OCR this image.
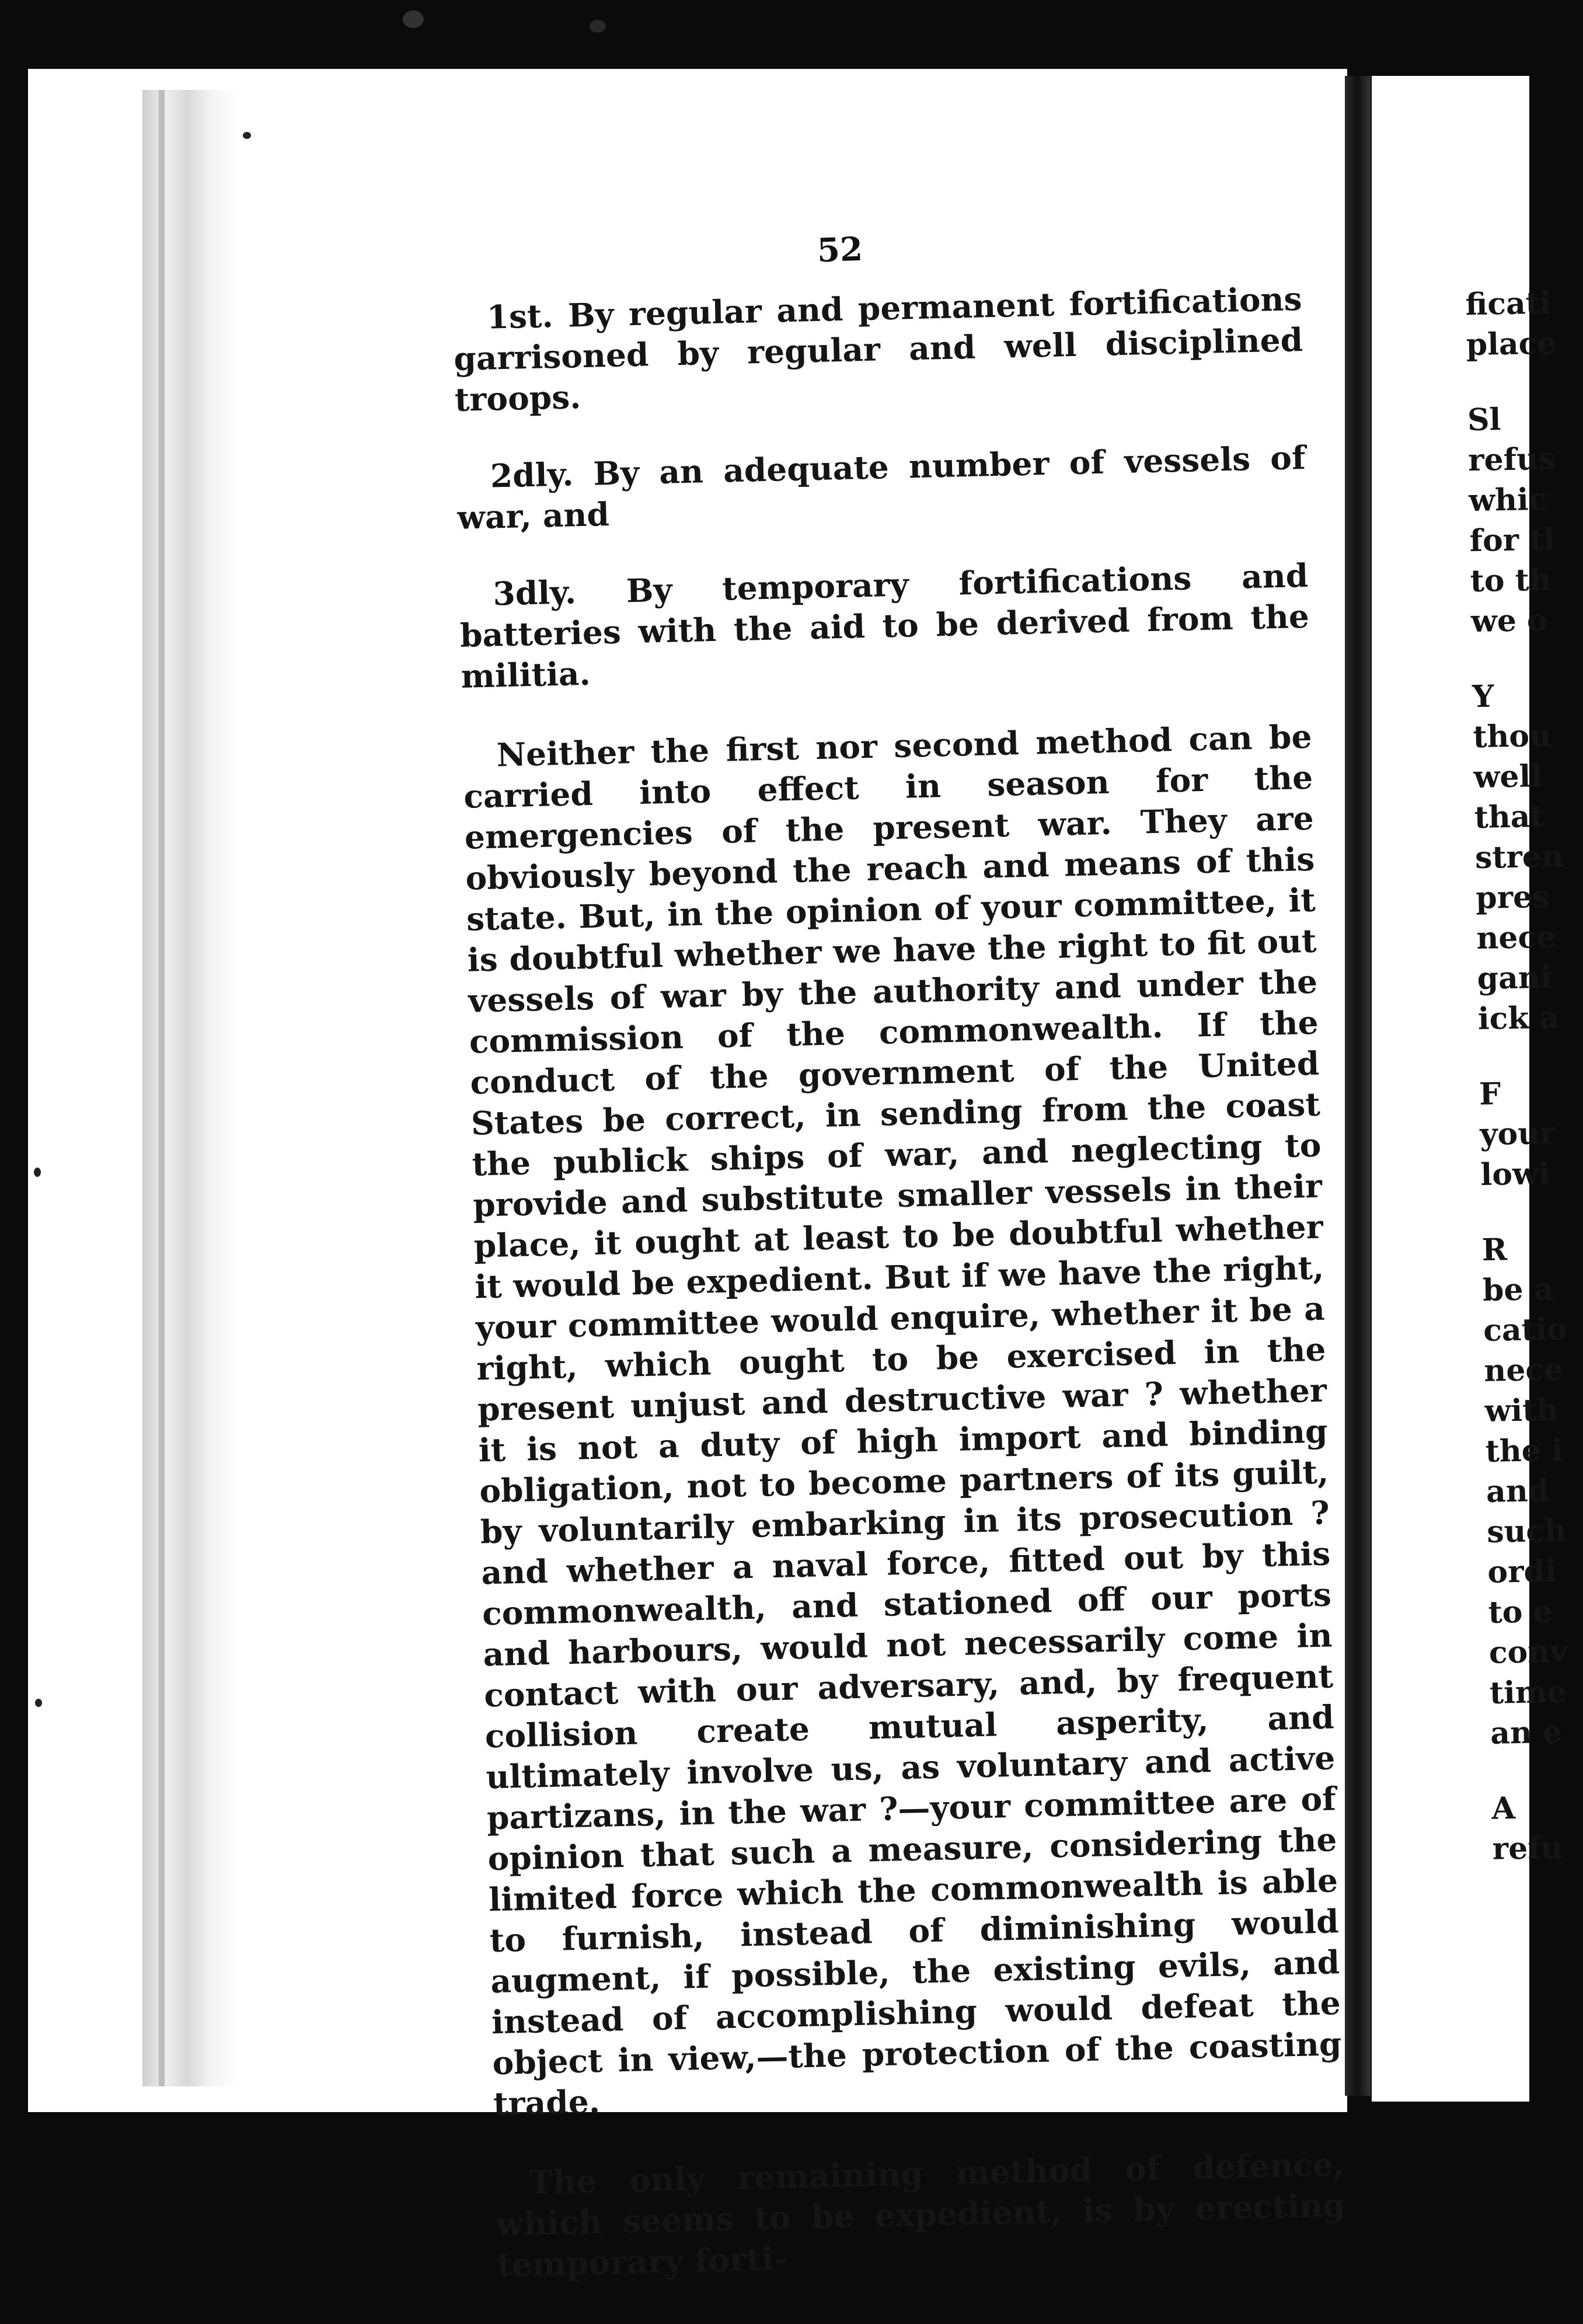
52

1st. By regular and permanent fortifications garrisoned by regular and well disciplined troops.

2dly. By an adequate number of vessels of war, and

3dly. By temporary fortifications and batteries with the aid to be derived from the militia.

Neither the first nor second method can be carried into effect in season for the emergencies of the present war. They are obviously beyond the reach and means of this state. But, in the opinion of your committee, it is doubtful whether we have the right to fit out vessels of war by the authority and under the commission of the commonwealth. If the conduct of the government of the United States be correct, in sending from the coast the publick ships of war, and neglecting to provide and substitute smaller vessels in their place, it ought at least to be doubtful whether it would be expedient. But if we have the right, your committee would enquire, whether it be a right, which ought to be exercised in the present unjust and destructive war ? whether it is not a duty of high import and binding obligation, not to become partners of its guilt, by voluntarily embarking in its prosecution ? and whether a naval force, fitted out by this commonwealth, and stationed off our ports and harbours, would not necessarily come in contact with our adversary, and, by frequent collision create mutual asperity, and ultimately involve us, as voluntary and active partizans, in the war ?—your committee are of opinion that such a measure, considering the limited force which the commonwealth is able to furnish, instead of diminishing would augment, if possible, the existing evils, and instead of accomplishing would defeat the object in view,—the protection of the coasting trade.

The only remaining method of defence, which seems to be expedient, is by erecting temporary forti-

ficati
place
Sl
refus
whic
for tl
to th
we o
Y
thou
well
that
stren
pres
nece
gani
ick a
F
your
lowi
R
be a
catio
nece
with
the i
and
such
ordi
to e
conv
time
an e
A
refu
